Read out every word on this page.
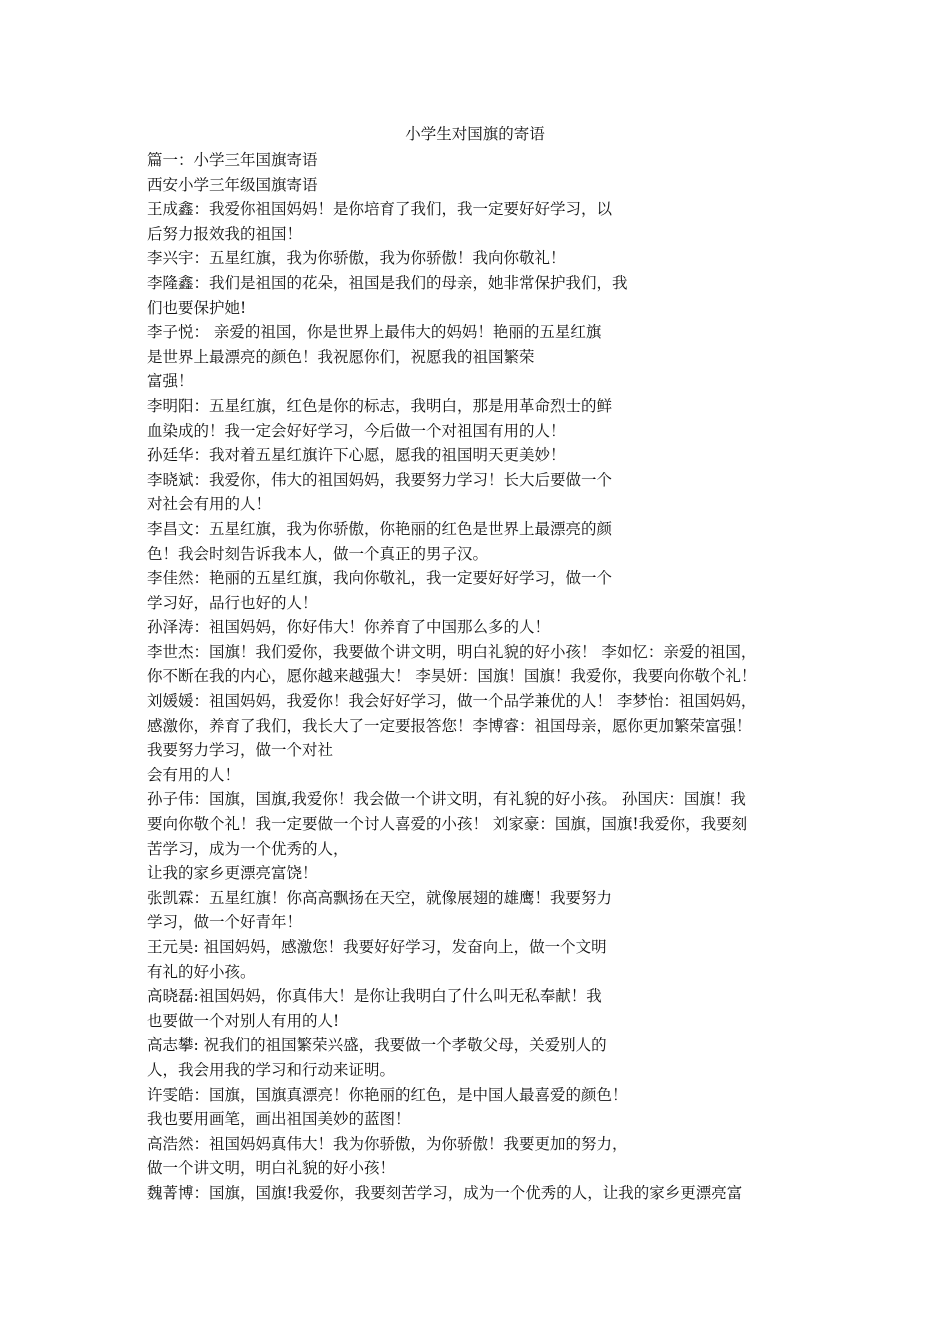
小学生对国旗的寄语
篇一：小学三年国旗寄语
西安小学三年级国旗寄语
王成鑫：我爱你祖国妈妈！是你培育了我们，我一定要好好学习，以
后努力报效我的祖国！
李兴宇：五星红旗，我为你骄傲，我为你骄傲！我向你敬礼！
李隆鑫：我们是祖国的花朵，祖国是我们的母亲，她非常保护我们，我
们也要保护她!
李子悦： 亲爱的祖国，你是世界上最伟大的妈妈！艳丽的五星红旗
是世界上最漂亮的颜色！我祝愿你们，祝愿我的祖国繁荣
富强！
李明阳：五星红旗，红色是你的标志，我明白，那是用革命烈士的鲜
血染成的！我一定会好好学习，今后做一个对祖国有用的人！
孙廷华：我对着五星红旗许下心愿，愿我的祖国明天更美妙！
李晓斌：我爱你，伟大的祖国妈妈，我要努力学习！长大后要做一个
对社会有用的人！
李昌文：五星红旗，我为你骄傲，你艳丽的红色是世界上最漂亮的颜
色！我会时刻告诉我本人，做一个真正的男子汉。
李佳然：艳丽的五星红旗，我向你敬礼，我一定要好好学习，做一个
学习好，品行也好的人！
孙泽涛：祖国妈妈，你好伟大！你养育了中国那么多的人！
李世杰：国旗！我们爱你，我要做个讲文明，明白礼貌的好小孩！ 李如忆：亲爱的祖国，
你不断在我的内心，愿你越来越强大！ 李昊妍：国旗！国旗！我爱你，我要向你敬个礼！
刘媛媛：祖国妈妈，我爱你！我会好好学习，做一个品学兼优的人！ 李梦怡：祖国妈妈，
感激你，养育了我们，我长大了一定要报答您！李博睿：祖国母亲，愿你更加繁荣富强！
我要努力学习，做一个对社
会有用的人！
孙子伟：国旗，国旗,我爱你！我会做一个讲文明，有礼貌的好小孩。 孙国庆：国旗！我
要向你敬个礼！我一定要做一个讨人喜爱的小孩！ 刘家豪：国旗，国旗!我爱你，我要刻
苦学习，成为一个优秀的人，
让我的家乡更漂亮富饶！
张凯霖：五星红旗！你高高飘扬在天空，就像展翅的雄鹰！我要努力
学习，做一个好青年！
王元昊: 祖国妈妈，感激您！我要好好学习，发奋向上，做一个文明
有礼的好小孩。
高晓磊:祖国妈妈，你真伟大！是你让我明白了什么叫无私奉献！我
也要做一个对别人有用的人!
高志攀: 祝我们的祖国繁荣兴盛，我要做一个孝敬父母，关爱别人的
人，我会用我的学习和行动来证明。
许雯皓：国旗，国旗真漂亮！你艳丽的红色，是中国人最喜爱的颜色！
我也要用画笔，画出祖国美妙的蓝图！
高浩然：祖国妈妈真伟大！我为你骄傲，为你骄傲！我要更加的努力，
做一个讲文明，明白礼貌的好小孩！
魏菁博：国旗，国旗!我爱你，我要刻苦学习，成为一个优秀的人，让我的家乡更漂亮富
